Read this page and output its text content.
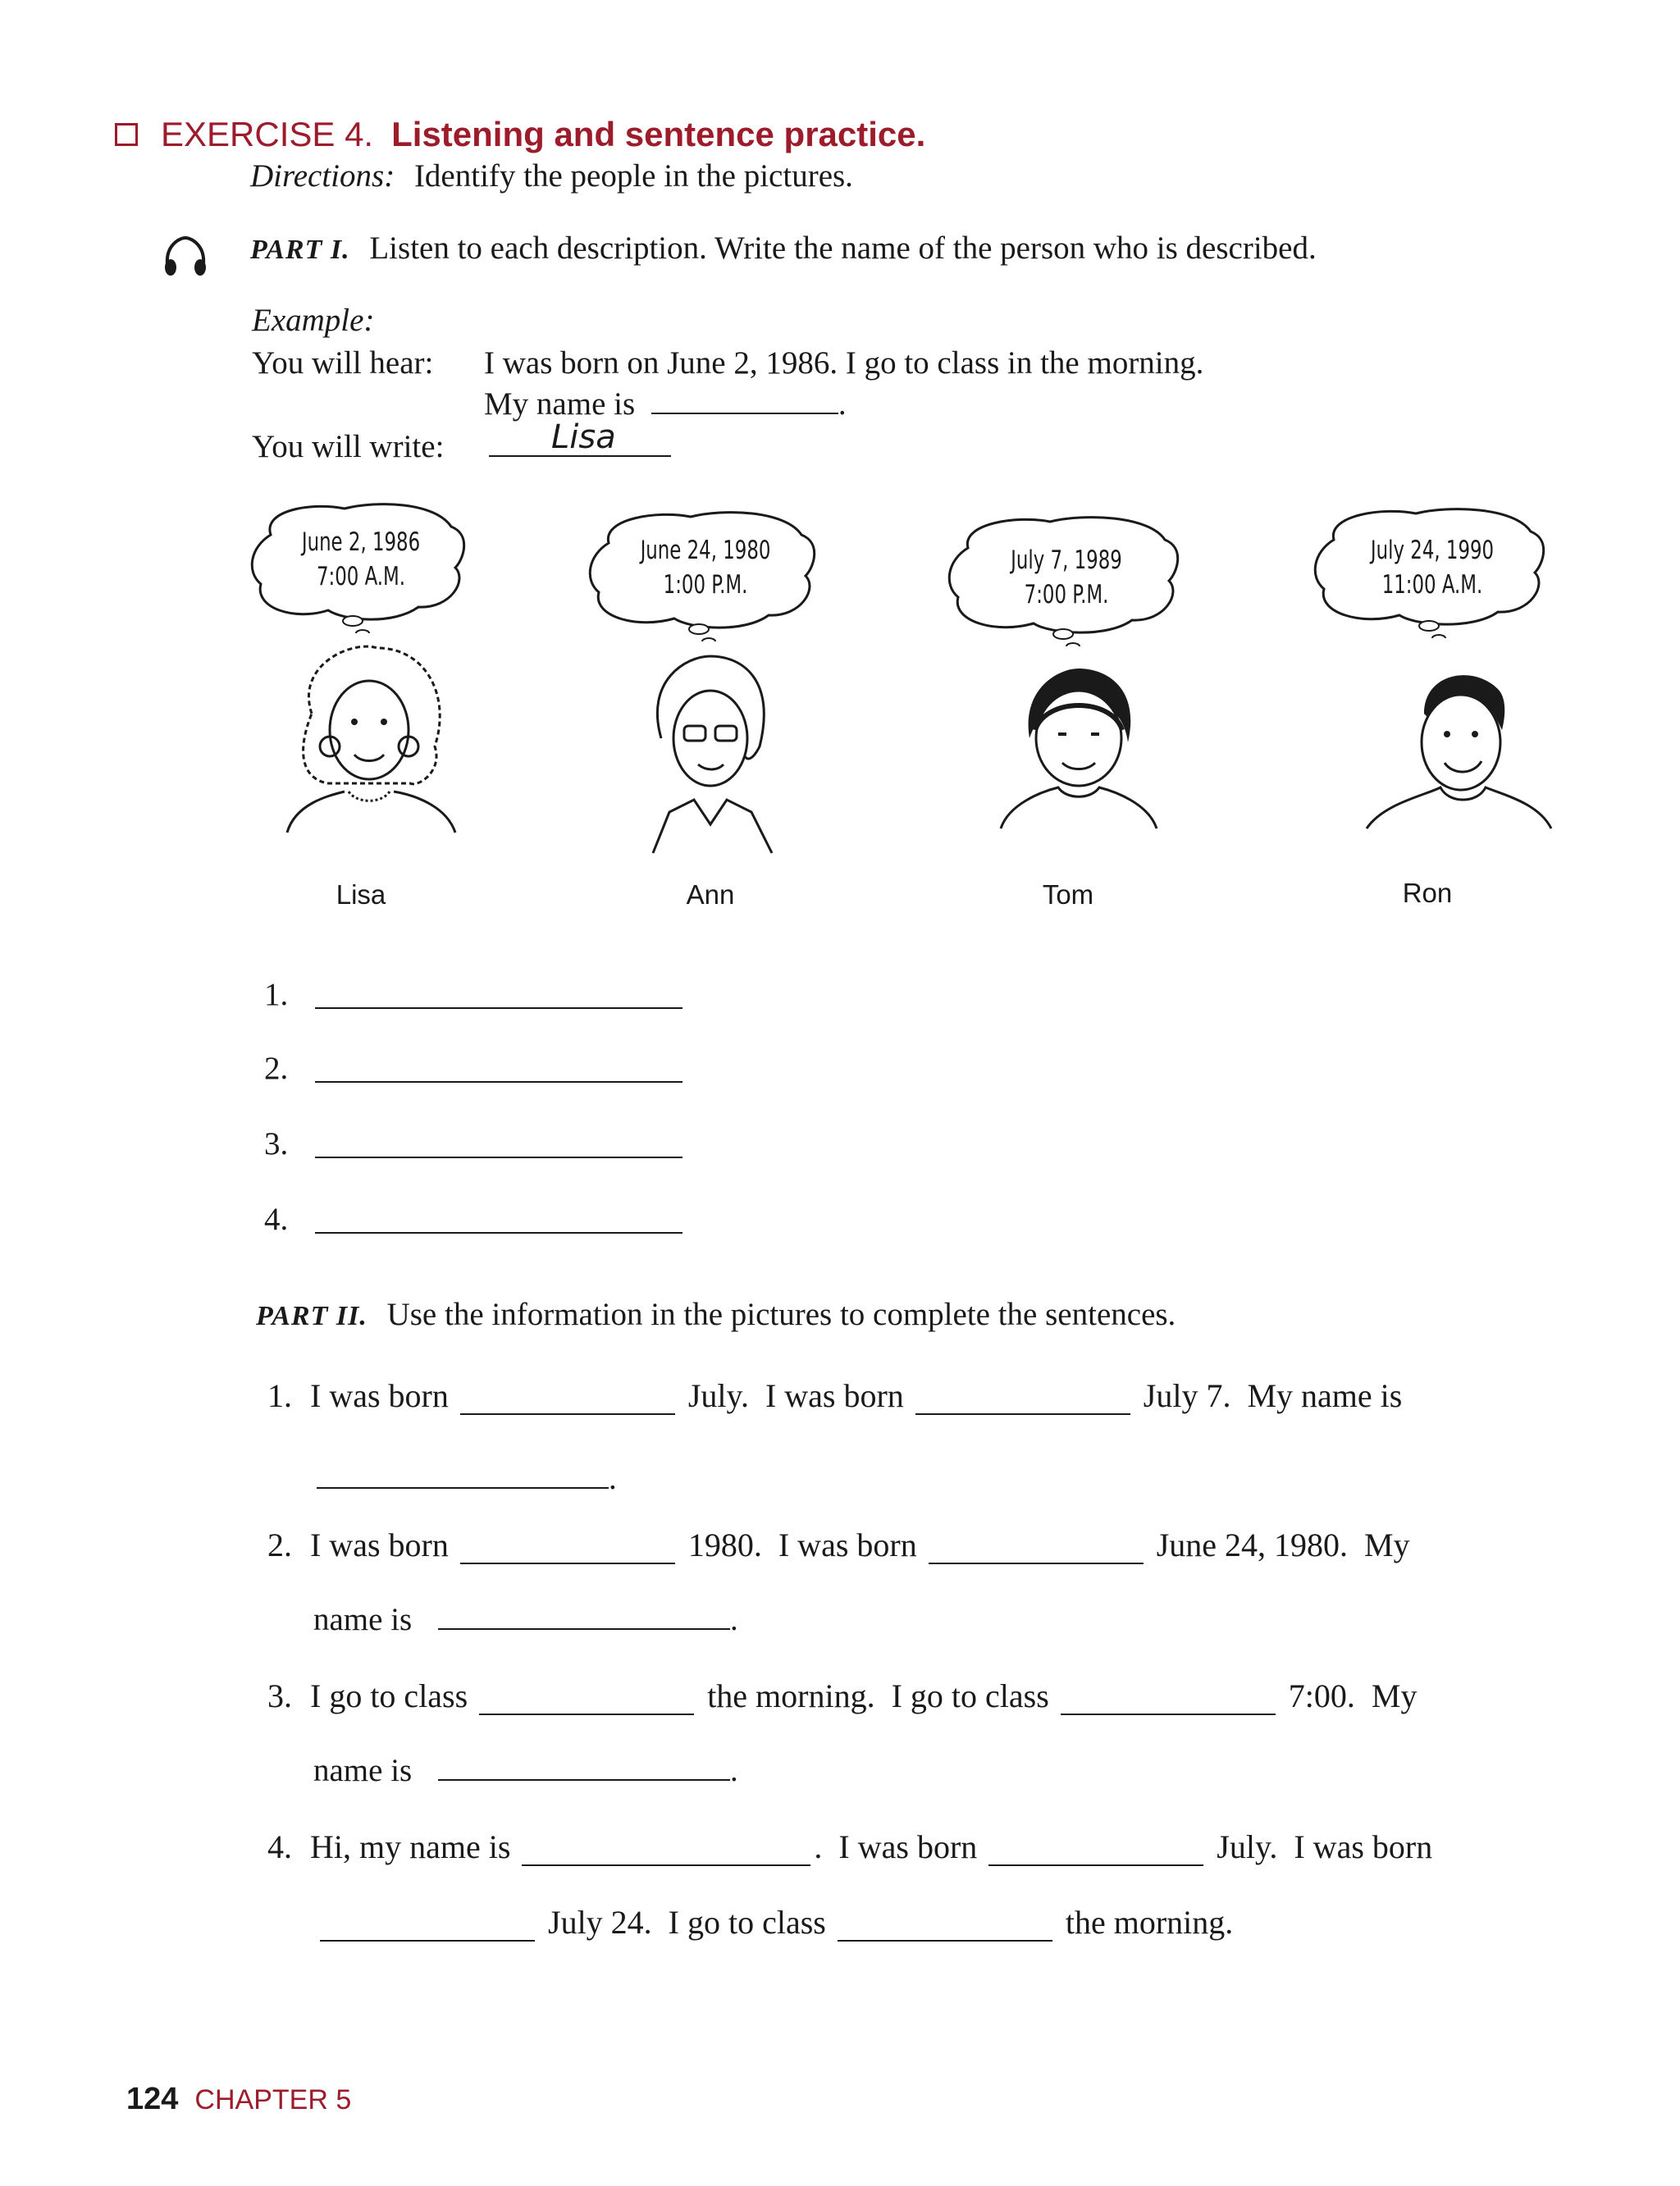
EXERCISE 4. Listening and sentence practice.
Directions: Identify the people in the pictures.
PART I. Listen to each description. Write the name of the person who is described.
Example:
You will hear: I was born on June 2, 1986. I go to class in the morning.
My name is	.
You will write:	Lisa
June 2, 1986
7:00 A.M.
Lisa
June 24, 1980
1:00 P.M.
Ann
July 7, 1989
7:00 P.M.
Tom
July 24, 1990
11:00 A.M.
Ron
1.
2.
3.
4.
PART II. Use the information in the pictures to complete the sentences.
1. I was born	July.  I was born	July 7.  My name is
.
2. I was born	1980.  I was born	June 24, 1980.  My
name is	.
3. I go to class	the morning.  I go to class	7:00.  My
name is	.
4. Hi, my name is	.  I was born	July.  I was born
July 24.  I go to class	the morning.
124 CHAPTER 5
